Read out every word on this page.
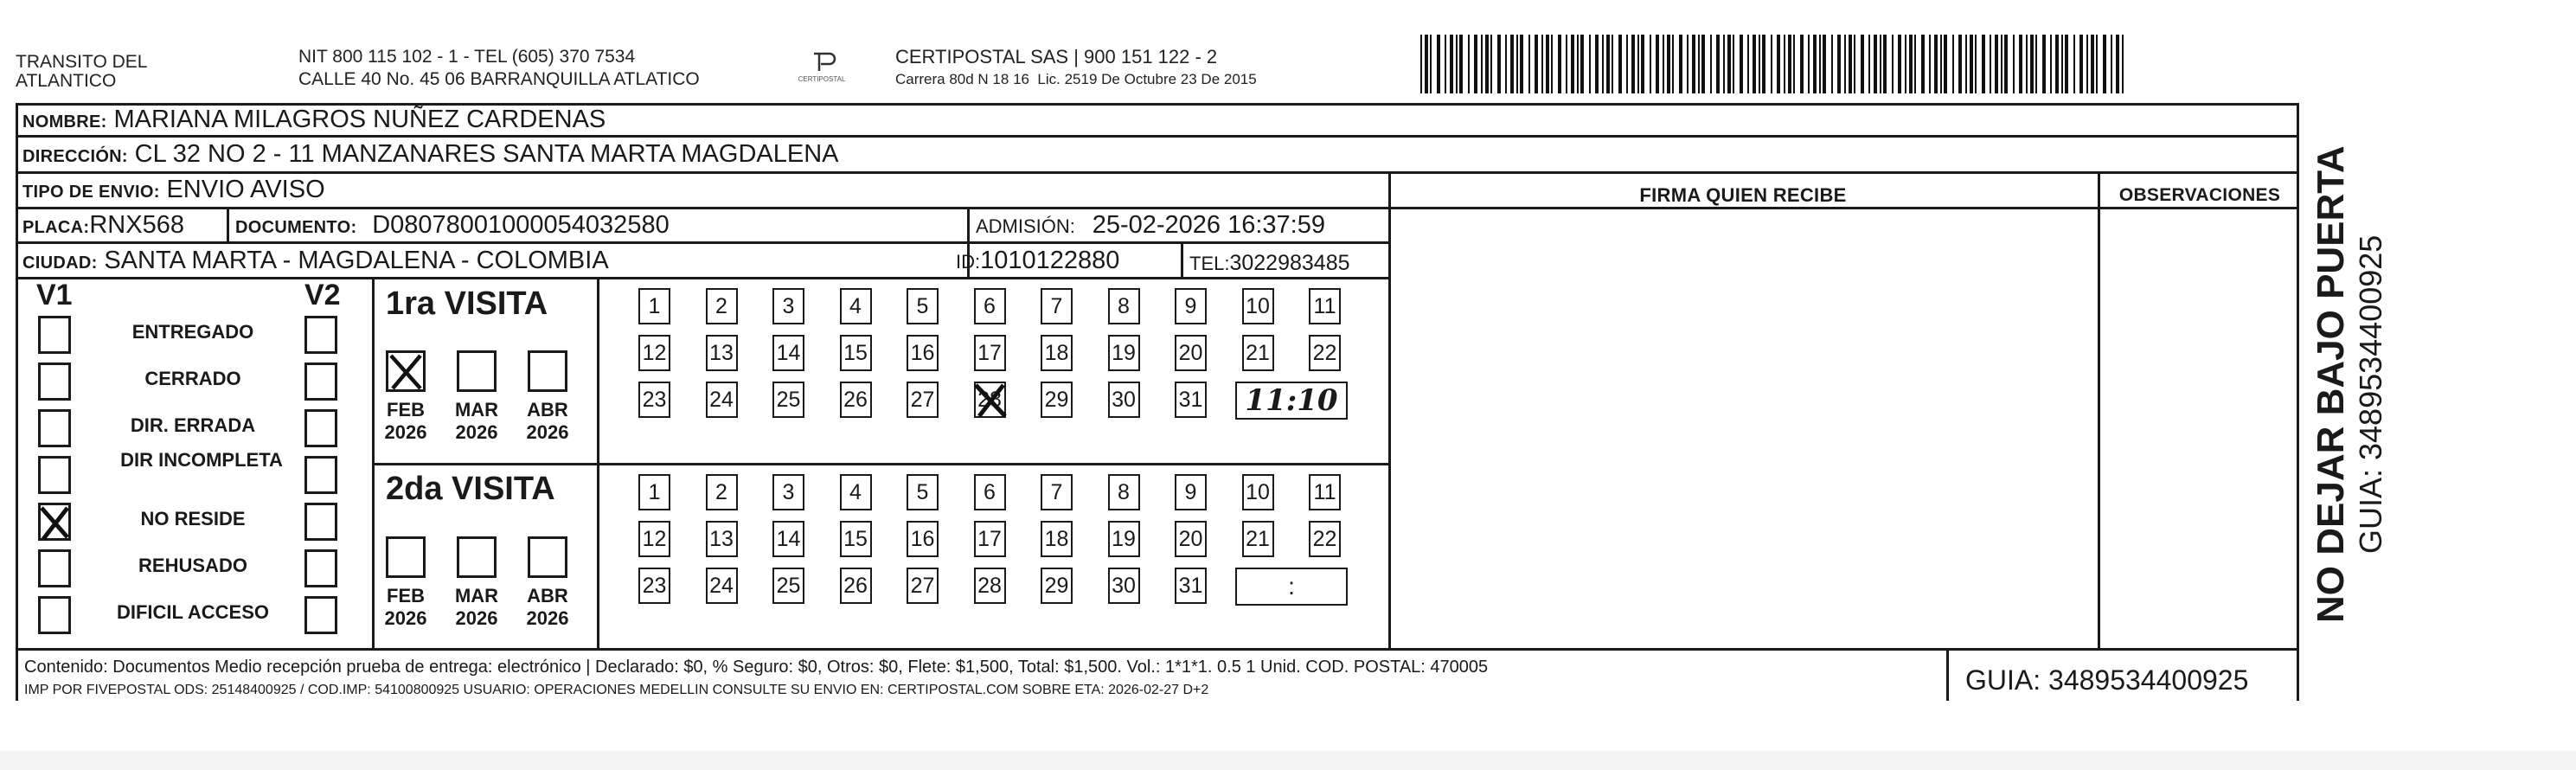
TRANSITO DEL
ATLANTICO
NIT 800 115 102 - 1 - TEL (605) 370 7534
CALLE 40 No. 45 06 BARRANQUILLA ATLATICO	CERTIPOSTAL
CERTIPOSTAL SAS | 900 151 122 - 2
Carrera 80d N 18 16  Lic. 2519 De Octubre 23 De 2015
NOMBRE: MARIANA MILAGROS NUÑEZ CARDENAS
DIRECCIÓN: CL 32 NO 2 - 11 MANZANARES SANTA MARTA MAGDALENA
TIPO DE ENVIO: ENVIO AVISO	FIRMA QUIEN RECIBE	OBSERVACIONES
PLACA:RNX568	DOCUMENTO: D08078001000054032580	ADMISIÓN: 25-02-2026 16:37:59
CIUDAD: SANTA MARTA - MAGDALENA - COLOMBIA	ID:1010122880	TEL:3022983485
V1	V2 1ra VISITA
2da VISITA
Contenido: Documentos Medio recepción prueba de entrega: electrónico | Declarado: $0, % Seguro: $0, Otros: $0, Flete: $1,500, Total: $1,500. Vol.: 1*1*1. 0.5 1 Unid. COD. POSTAL: 470005
IMP POR FIVEPOSTAL ODS: 25148400925 / COD.IMP: 54100800925 USUARIO: OPERACIONES MEDELLIN CONSULTE SU ENVIO EN: CERTIPOSTAL.COM SOBRE ETA: 2026-02-27 D+2	GUIA: 3489534400925
NO DEJAR BAJO PUERTA GUIA: 3489534400925
ENTREGADO
CERRADO
DIR. ERRADA
DIR INCOMPLETA
NO RESIDE
REHUSADO
DIFICIL ACCESO
FEB
2026
MAR
2026
ABR
2026
FEB
2026
MAR
2026
ABR
2026
1	2	3	4	5	6	7	8	9	10 11
12 13 14 15 16 17 18 19 20 21 22
23 24 25 26 27 28 29 30 31	11:10
1	2	3	4	5	6	7	8	9	10 11
12 13 14 15 16 17 18 19 20 21 22
23 24 25 26 27 28 29 30 31	:
